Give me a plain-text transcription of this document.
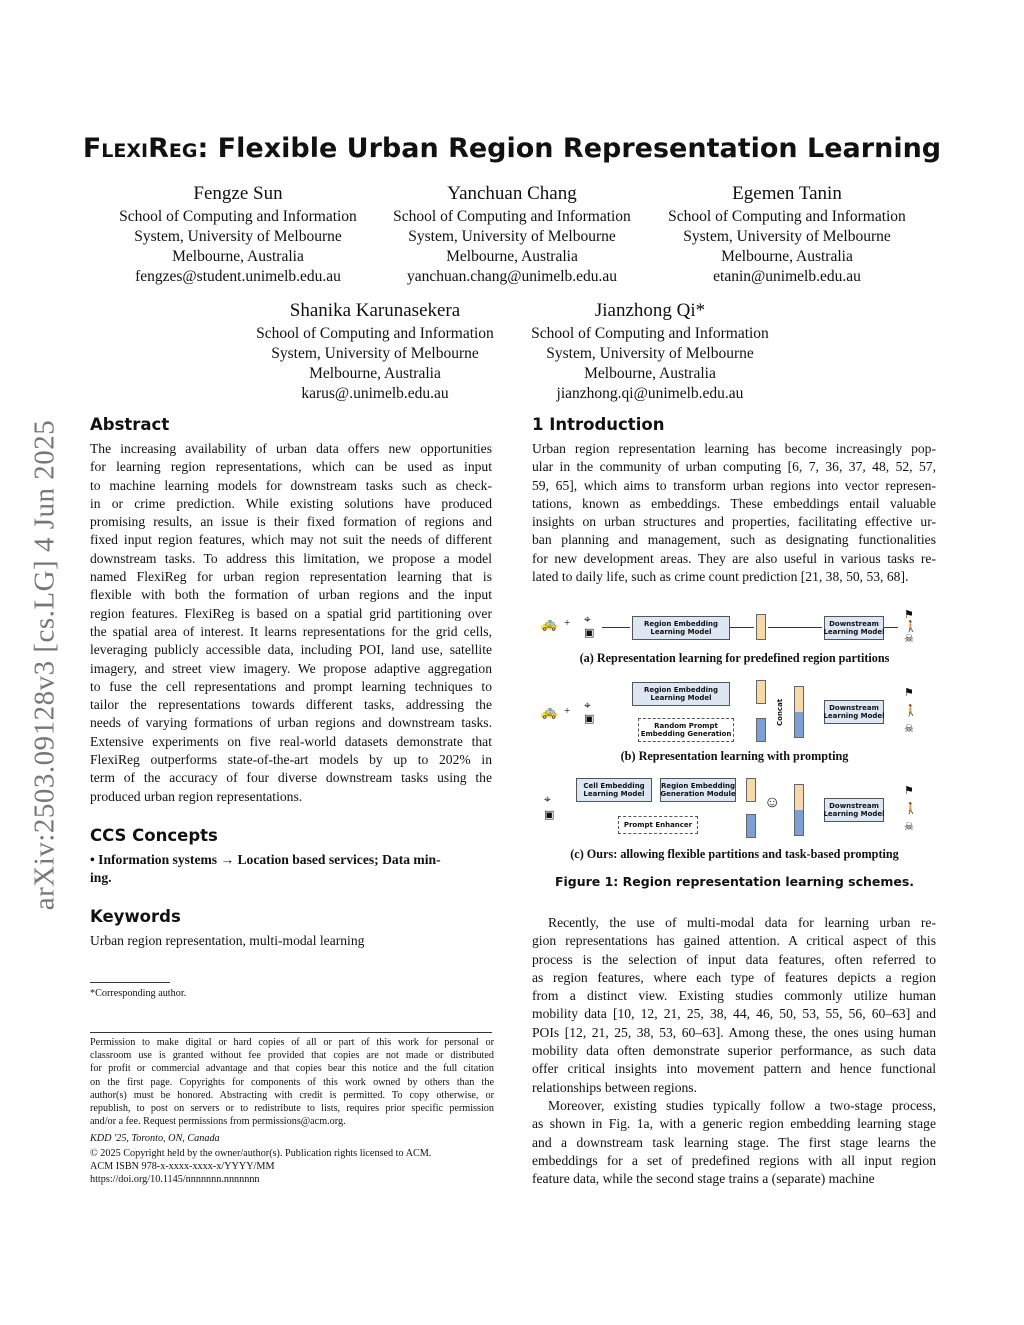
arXiv:2503.09128v3 [cs.LG] 4 Jun 2025
FlexiReg: Flexible Urban Region Representation Learning
Fengze Sun
School of Computing and Information
System, University of Melbourne
Melbourne, Australia
fengzes@student.unimelb.edu.au
Yanchuan Chang
School of Computing and Information
System, University of Melbourne
Melbourne, Australia
yanchuan.chang@unimelb.edu.au
Egemen Tanin
School of Computing and Information
System, University of Melbourne
Melbourne, Australia
etanin@unimelb.edu.au
Shanika Karunasekera
School of Computing and Information
System, University of Melbourne
Melbourne, Australia
karus@.unimelb.edu.au
Jianzhong Qi*
School of Computing and Information
System, University of Melbourne
Melbourne, Australia
jianzhong.qi@unimelb.edu.au
Abstract
The increasing availability of urban data offers new opportunities
for learning region representations, which can be used as input
to machine learning models for downstream tasks such as check-
in or crime prediction. While existing solutions have produced
promising results, an issue is their fixed formation of regions and
fixed input region features, which may not suit the needs of different
downstream tasks. To address this limitation, we propose a model
named FlexiReg for urban region representation learning that is
flexible with both the formation of urban regions and the input
region features. FlexiReg is based on a spatial grid partitioning over
the spatial area of interest. It learns representations for the grid cells,
leveraging publicly accessible data, including POI, land use, satellite
imagery, and street view imagery. We propose adaptive aggregation
to fuse the cell representations and prompt learning techniques to
tailor the representations towards different tasks, addressing the
needs of varying formations of urban regions and downstream tasks.
Extensive experiments on five real-world datasets demonstrate that
FlexiReg outperforms state-of-the-art models by up to 202% in
term of the accuracy of four diverse downstream tasks using the
produced urban region representations.
CCS Concepts
• Information systems → Location based services; Data min-
ing.
Keywords
Urban region representation, multi-modal learning
*Corresponding author.
Permission to make digital or hard copies of all or part of this work for personal or
classroom use is granted without fee provided that copies are not made or distributed
for profit or commercial advantage and that copies bear this notice and the full citation
on the first page. Copyrights for components of this work owned by others than the
author(s) must be honored. Abstracting with credit is permitted. To copy otherwise, or
republish, to post on servers or to redistribute to lists, requires prior specific permission
and/or a fee. Request permissions from permissions@acm.org.
KDD '25, Toronto, ON, Canada
© 2025 Copyright held by the owner/author(s). Publication rights licensed to ACM.
ACM ISBN 978-x-xxxx-xxxx-x/YYYY/MM
https://doi.org/10.1145/nnnnnnn.nnnnnnn
1 Introduction
Urban region representation learning has become increasingly pop-
ular in the community of urban computing [6, 7, 36, 37, 48, 52, 57,
59, 65], which aims to transform urban regions into vector represen-
tations, known as embeddings. These embeddings entail valuable
insights on urban structures and properties, facilitating effective ur-
ban planning and management, such as designating functionalities
for new development areas. They are also useful in various tasks re-
lated to daily life, such as crime count prediction [21, 38, 50, 53, 68].
🚕 + ⌖
▣
Region Embedding
Learning Model
Downstream
Learning Model
⚑
🚶
☠
(a) Representation learning for predefined region partitions
🚕 + ⌖
▣
Region Embedding
Learning Model
Random Prompt
Embedding Generation
Concat	Downstream
Learning Model
⚑
🚶
☠
(b) Representation learning with prompting
⌖
▣
Cell Embedding
Learning Model
Region Embedding
Generation Module
Prompt Enhancer
☺	Downstream
Learning Model
⚑
🚶
☠
(c) Ours: allowing flexible partitions and task-based prompting
Figure 1: Region representation learning schemes.
Recently, the use of multi-modal data for learning urban re-
gion representations has gained attention. A critical aspect of this
process is the selection of input data features, often referred to
as region features, where each type of features depicts a region
from a distinct view. Existing studies commonly utilize human
mobility data [10, 12, 21, 25, 38, 44, 46, 50, 53, 55, 56, 60–63] and
POIs [12, 21, 25, 38, 53, 60–63]. Among these, the ones using human
mobility data often demonstrate superior performance, as such data
offer critical insights into movement pattern and hence functional
relationships between regions.
Moreover, existing studies typically follow a two-stage process,
as shown in Fig. 1a, with a generic region embedding learning stage
and a downstream task learning stage. The first stage learns the
embeddings for a set of predefined regions with all input region
feature data, while the second stage trains a (separate) machine
